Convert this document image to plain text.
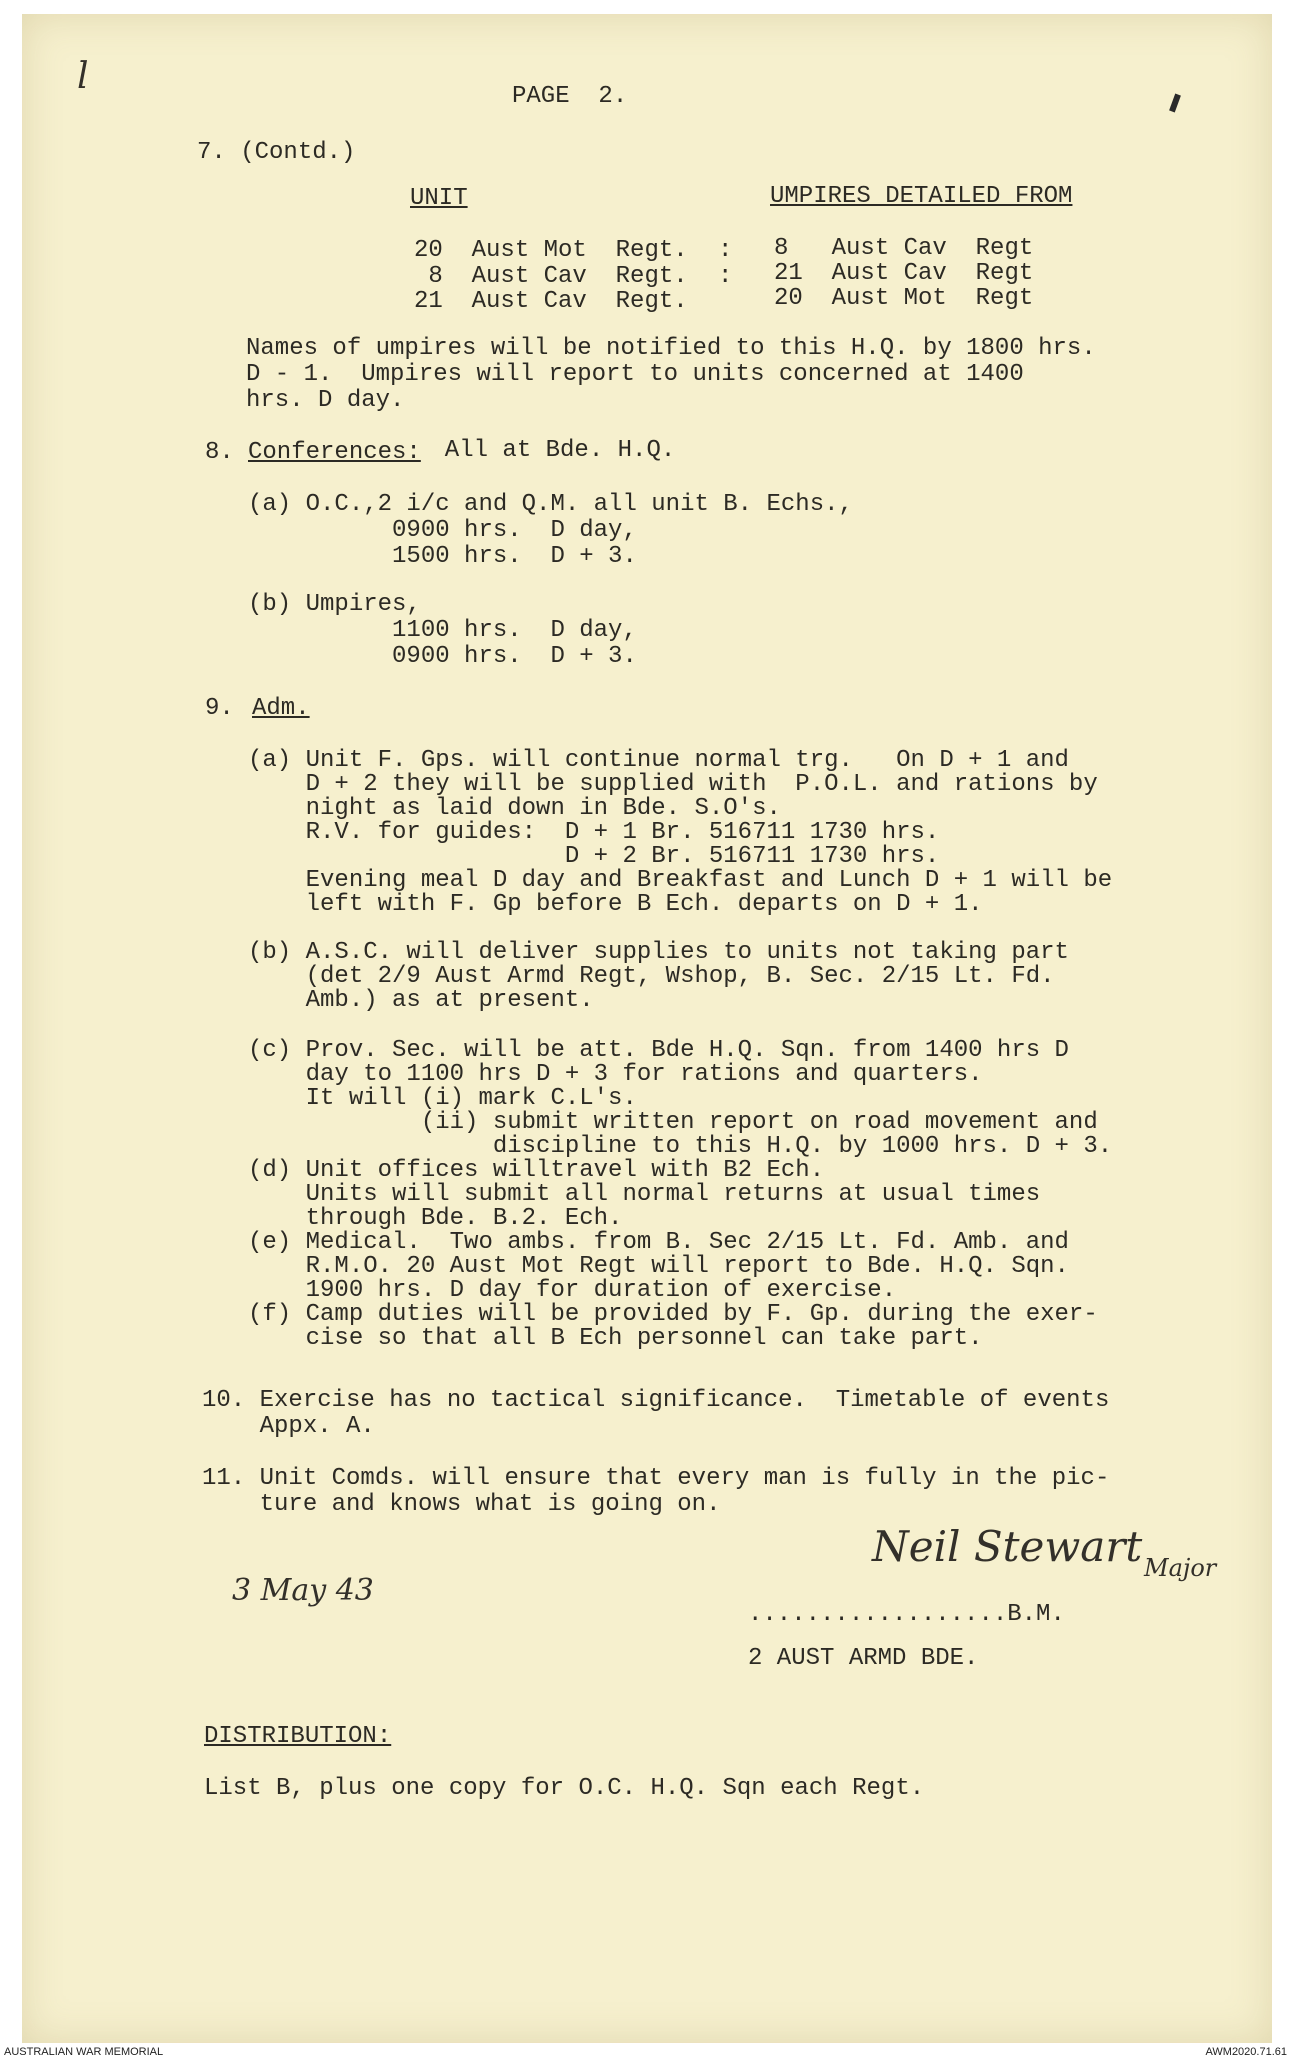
l	PAGE  2.
7. (Contd.)
UNIT	UMPIRES DETAILED FROM
20  Aust Mot  Regt. : 8   Aust Cav  Regt
8  Aust Cav  Regt. : 21  Aust Cav  Regt
21  Aust Cav  Regt.	20  Aust Mot  Regt
Names of umpires will be notified to this H.Q. by 1800 hrs.
D - 1.  Umpires will report to units concerned at 1400
hrs. D day.
8. Conferences:
All at Bde. H.Q.
(a) O.C.,2 i/c and Q.M. all unit B. Echs.,
0900 hrs.  D day,
1500 hrs.  D + 3.
(b) Umpires,
1100 hrs.  D day,
0900 hrs.  D + 3.
9. Adm.
(a) Unit F. Gps. will continue normal trg.   On D + 1 and
D + 2 they will be supplied with  P.O.L. and rations by
night as laid down in Bde. S.O's.
R.V. for guides:  D + 1 Br. 516711 1730 hrs.
D + 2 Br. 516711 1730 hrs.
Evening meal D day and Breakfast and Lunch D + 1 will be
left with F. Gp before B Ech. departs on D + 1.
(b) A.S.C. will deliver supplies to units not taking part
(det 2/9 Aust Armd Regt, Wshop, B. Sec. 2/15 Lt. Fd.
Amb.) as at present.
(c) Prov. Sec. will be att. Bde H.Q. Sqn. from 1400 hrs D
day to 1100 hrs D + 3 for rations and quarters.
It will (i) mark C.L's.
(ii) submit written report on road movement and
discipline to this H.Q. by 1000 hrs. D + 3.
(d) Unit offices willtravel with B2 Ech.
Units will submit all normal returns at usual times
through Bde. B.2. Ech.
(e) Medical.  Two ambs. from B. Sec 2/15 Lt. Fd. Amb. and
R.M.O. 20 Aust Mot Regt will report to Bde. H.Q. Sqn.
1900 hrs. D day for duration of exercise.
(f) Camp duties will be provided by F. Gp. during the exer-
cise so that all B Ech personnel can take part.
10. Exercise has no tactical significance.  Timetable of events
Appx. A.
11. Unit Comds. will ensure that every man is fully in the pic-
ture and knows what is going on.
3 May 43
Neil Stewart Major
..................B.M.
2 AUST ARMD BDE.
DISTRIBUTION:
List B, plus one copy for O.C. H.Q. Sqn each Regt.
AUSTRALIAN WAR MEMORIAL	AWM2020.71.61
